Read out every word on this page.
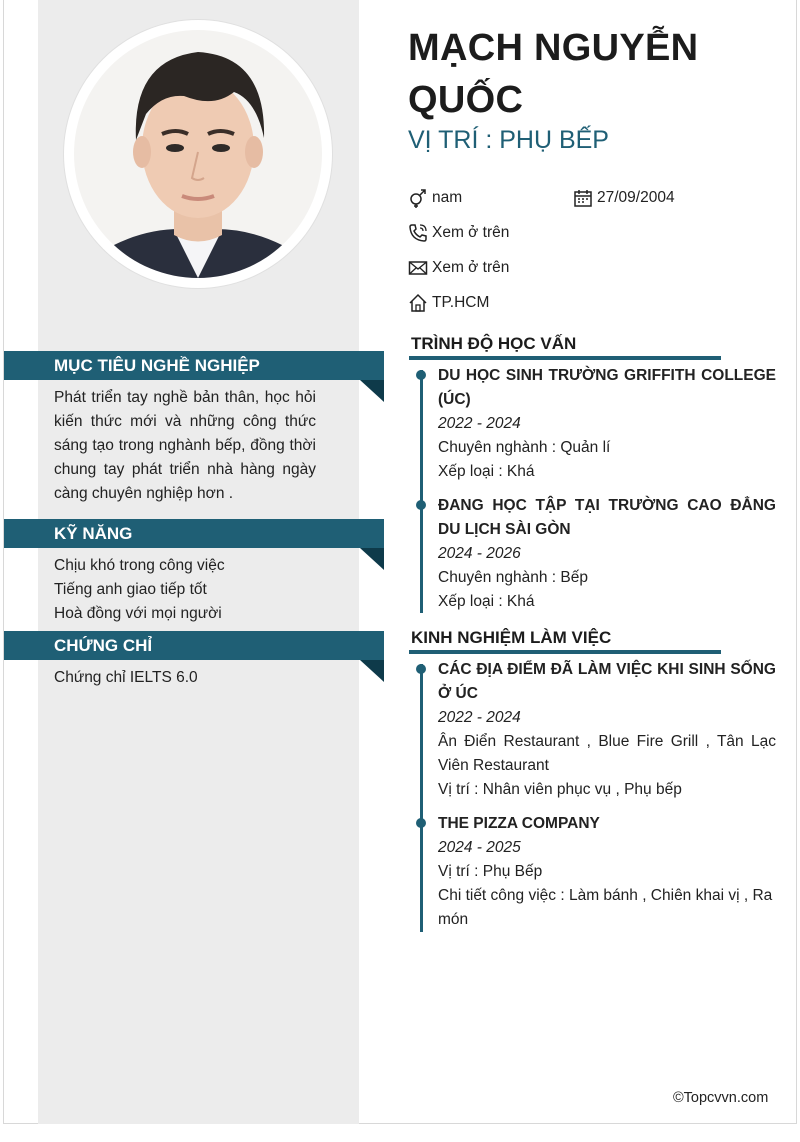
MỤC TIÊU NGHỀ NGHIỆP
Phát triển tay nghề bản thân, học hỏi kiến thức mới và những công thức sáng tạo trong nghành bếp, đồng thời chung tay phát triển nhà hàng ngày càng chuyên nghiệp hơn .
KỸ NĂNG
Chịu khó trong công việc
Tiếng anh giao tiếp tốt
Hoà đồng với mọi người
CHỨNG CHỈ
Chứng chỉ IELTS 6.0
MẠCH NGUYỄN QUỐC
VỊ TRÍ : PHỤ BẾP
nam	27/09/2004
Xem ở trên
Xem ở trên
TP.HCM
TRÌNH ĐỘ HỌC VẤN
DU HỌC SINH TRƯỜNG GRIFFITH COLLEGE (ÚC)
2022 - 2024
Chuyên nghành : Quản lí
Xếp loại : Khá
ĐANG HỌC TẬP TẠI TRƯỜNG CAO ĐẲNG DU LỊCH SÀI GÒN
2024 - 2026
Chuyên nghành : Bếp
Xếp loại : Khá
KINH NGHIỆM LÀM VIỆC
CÁC ĐỊA ĐIỂM ĐÃ LÀM VIỆC KHI SINH SỐNG Ở ÚC
2022 - 2024
Ân Điển Restaurant , Blue Fire Grill , Tân Lạc Viên Restaurant
Vị trí : Nhân viên phục vụ , Phụ bếp
THE PIZZA COMPANY
2024 - 2025
Vị trí : Phụ Bếp
Chi tiết công việc : Làm bánh , Chiên khai vị , Ra món
©Topcvvn.com
